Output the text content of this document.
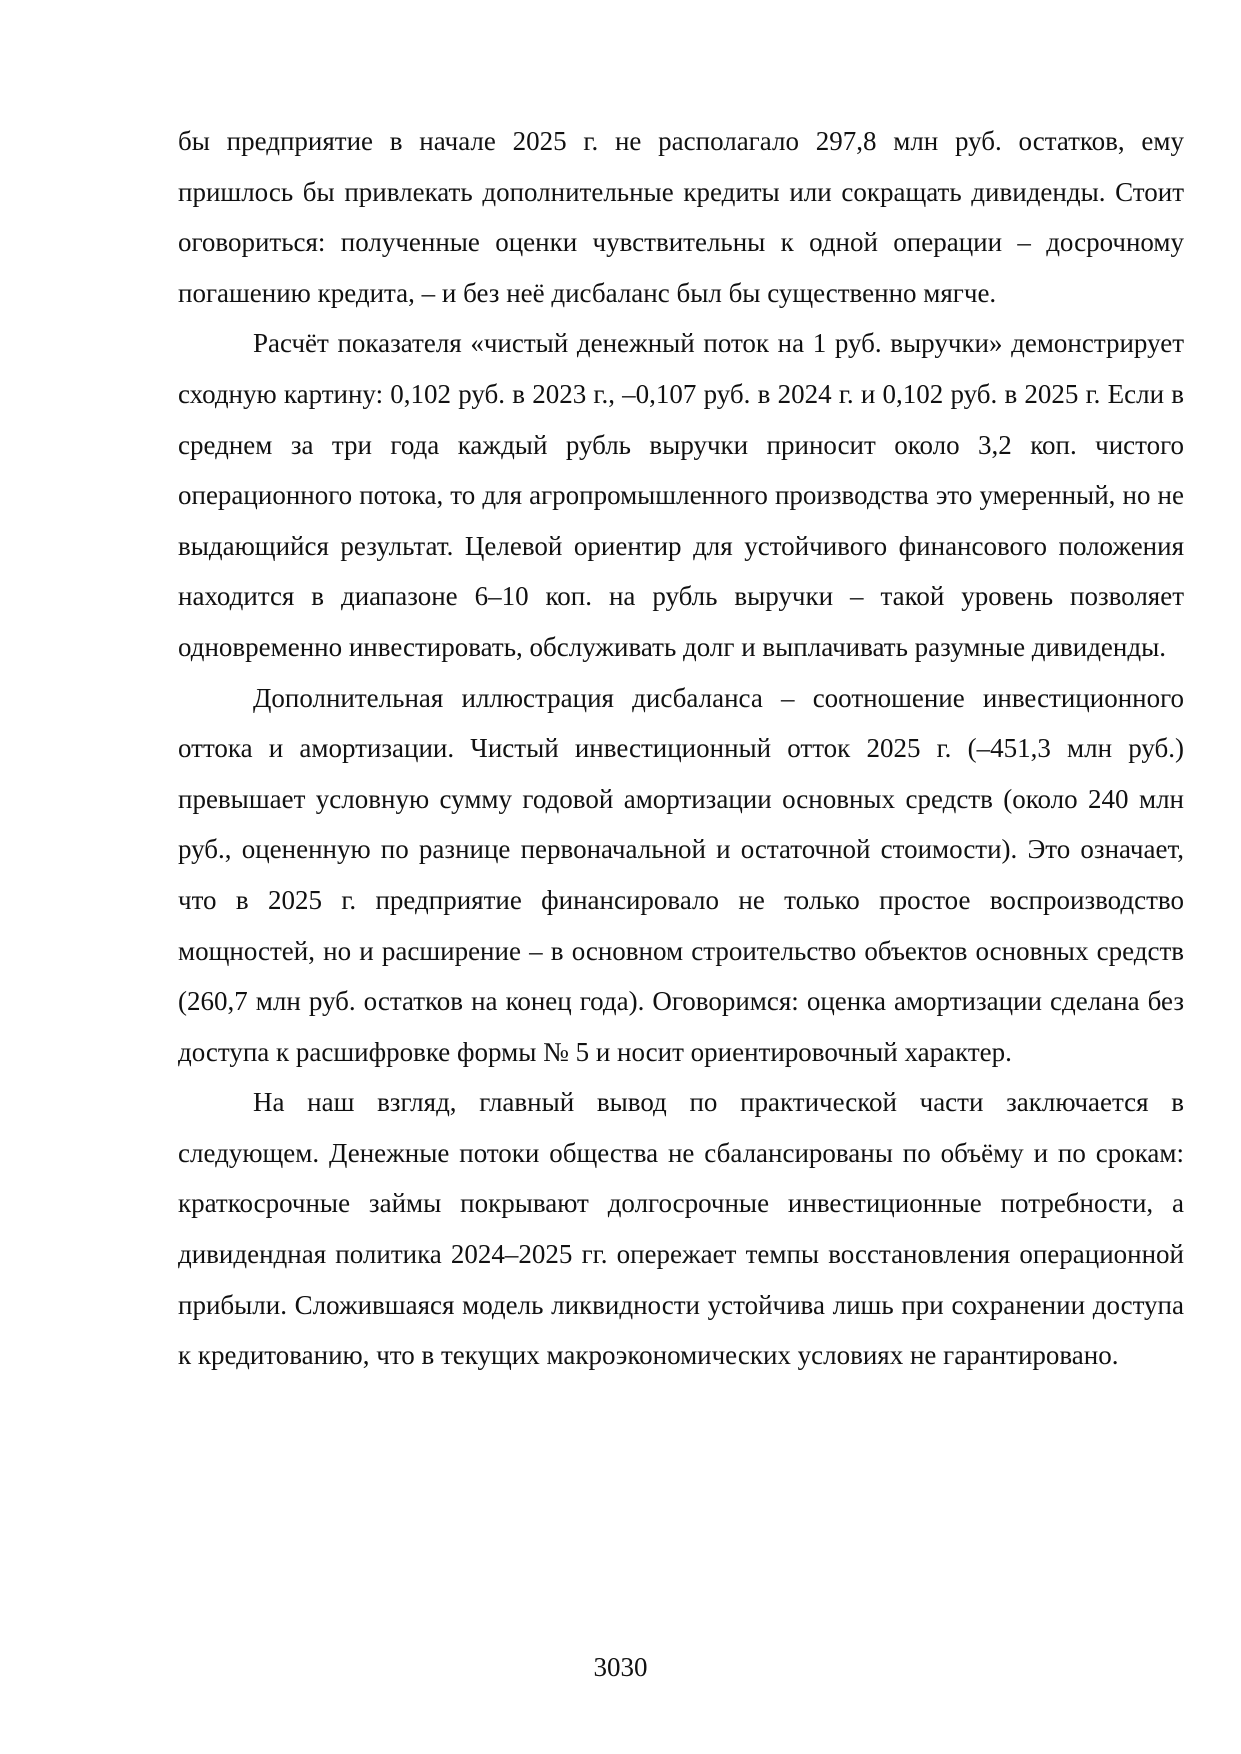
бы предприятие в начале 2025 г. не располагало 297,8 млн руб. остатков, ему пришлось бы привлекать дополнительные кредиты или сокращать дивиденды. Стоит оговориться: полученные оценки чувствительны к одной операции – досрочному погашению кредита, – и без неё дисбаланс был бы существенно мягче.

Расчёт показателя «чистый денежный поток на 1 руб. выручки» демонстрирует сходную картину: 0,102 руб. в 2023 г., –0,107 руб. в 2024 г. и 0,102 руб. в 2025 г. Если в среднем за три года каждый рубль выручки приносит около 3,2 коп. чистого операционного потока, то для агропромышленного производства это умеренный, но не выдающийся результат. Целевой ориентир для устойчивого финансового положения находится в диапазоне 6–10 коп. на рубль выручки – такой уровень позволяет одновременно инвестировать, обслуживать долг и выплачивать разумные дивиденды.

Дополнительная иллюстрация дисбаланса – соотношение инвестиционного оттока и амортизации. Чистый инвестиционный отток 2025 г. (–451,3 млн руб.) превышает условную сумму годовой амортизации основных средств (около 240 млн руб., оцененную по разнице первоначальной и остаточной стоимости). Это означает, что в 2025 г. предприятие финансировало не только простое воспроизводство мощностей, но и расширение – в основном строительство объектов основных средств (260,7 млн руб. остатков на конец года). Оговоримся: оценка амортизации сделана без доступа к расшифровке формы № 5 и носит ориентировочный характер.

На наш взгляд, главный вывод по практической части заключается в следующем. Денежные потоки общества не сбалансированы по объёму и по срокам: краткосрочные займы покрывают долгосрочные инвестиционные потребности, а дивидендная политика 2024–2025 гг. опережает темпы восстановления операционной прибыли. Сложившаяся модель ликвидности устойчива лишь при сохранении доступа к кредитованию, что в текущих макроэкономических условиях не гарантировано.

3030
